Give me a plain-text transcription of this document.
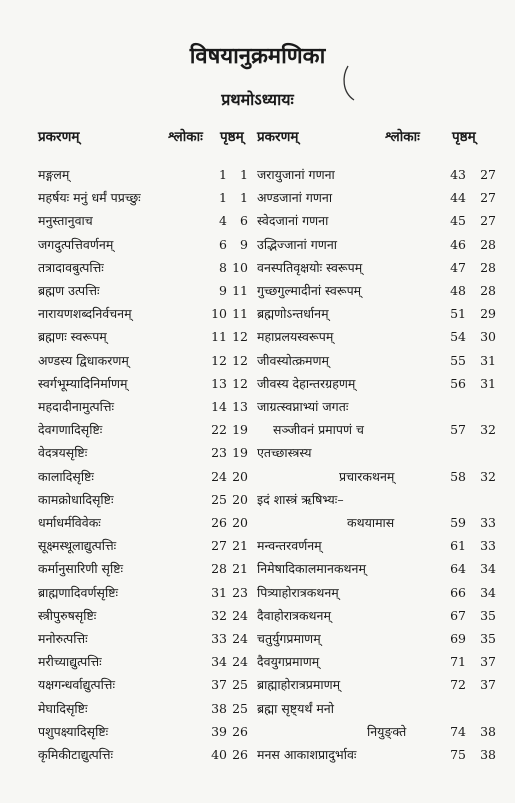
विषयानुक्रमणिका
प्रथमोऽध्यायः
प्रकरणम्	श्लोकाः पृष्ठम् प्रकरणम्	श्लोकाः पृष्ठम्
मङ्गलम्	1	1 जरायुजानां गणना	43	27
महर्षयः मनुं धर्मं पप्रच्छुः	1	1 अण्डजानां गणना	44	27
मनुस्तानुवाच	4	6 स्वेदजानां गणना	45	27
जगदुत्पत्तिवर्णनम्	6	9 उद्भिज्जानां गणना	46	28
तत्रादावबुत्पत्तिः	8 10 वनस्पतिवृक्षयोः स्वरूपम्	47	28
ब्रह्मण उत्पत्तिः	9 11 गुच्छगुल्मादीनां स्वरूपम्	48	28
नारायणशब्दनिर्वचनम्	10 11 ब्रह्मणोऽन्तर्धानम्	51	29
ब्रह्मणः स्वरूपम्	11 12 महाप्रलयस्वरूपम्	54	30
अण्डस्य द्विधाकरणम्	12 12 जीवस्योत्क्रमणम्	55	31
स्वर्गभूम्यादिनिर्माणम्	13 12 जीवस्य देहान्तरग्रहणम्	56	31
महदादीनामुत्पत्तिः	14 13 जाग्रत्स्वप्नाभ्यां जगतः
देवगणादिसृष्टिः	22 19 सञ्जीवनं प्रमापणं च	57	32
वेदत्रयसृष्टिः	23 19 एतच्छास्त्रस्य
कालादिसृष्टिः	24 20	प्रचारकथनम्	58	32
कामक्रोधादिसृष्टिः	25 20 इदं शास्त्रं ऋषिभ्यः–
धर्माधर्मविवेकः	26 20	कथयामास	59	33
सूक्ष्मस्थूलाद्युत्पत्तिः	27 21 मन्वन्तरवर्णनम्	61	33
कर्मानुसारिणी सृष्टिः	28 21 निमेषादिकालमानकथनम्	64	34
ब्राह्मणादिवर्णसृष्टिः	31 23 पित्र्याहोरात्रकथनम्	66	34
स्त्रीपुरुषसृष्टिः	32 24 दैवाहोरात्रकथनम्	67	35
मनोरुत्पत्तिः	33 24 चतुर्युगप्रमाणम्	69	35
मरीच्याद्युत्पत्तिः	34 24 दैवयुगप्रमाणम्	71	37
यक्षगन्धर्वाद्युत्पत्तिः	37 25 ब्राह्माहोरात्रप्रमाणम्	72	37
मेघादिसृष्टिः	38 25 ब्रह्मा सृष्ट्यर्थं मनो
पशुपक्ष्यादिसृष्टिः	39 26	नियुङ्क्ते	74	38
कृमिकीटाद्युत्पत्तिः	40 26 मनस आकाशप्रादुर्भावः	75	38
